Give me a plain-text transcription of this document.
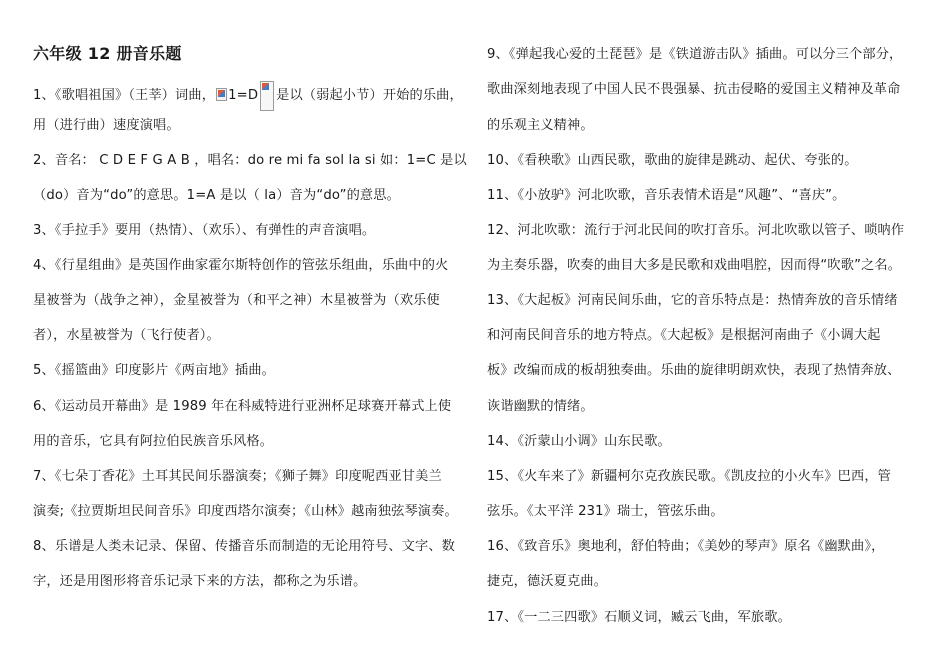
六年级 12 册音乐题
1、《歌唱祖国》（王莘）词曲， 1=D 是以（弱起小节）开始的乐曲，
用（进行曲）速度演唱。
2、音名： C D E F G A B ，唱名：do re mi fa sol la si 如：1=C 是以
（do）音为“do”的意思。1=A 是以（ la）音为“do”的意思。
3、《手拉手》要用（热情）、（欢乐）、有弹性的声音演唱。
4、《行星组曲》是英国作曲家霍尔斯特创作的管弦乐组曲，乐曲中的火
星被誉为（战争之神），金星被誉为（和平之神）木星被誉为（欢乐使
者），水星被誉为（飞行使者）。
5、《摇篮曲》印度影片《两亩地》插曲。
6、《运动员开幕曲》是 1989 年在科威特进行亚洲杯足球赛开幕式上使
用的音乐，它具有阿拉伯民族音乐风格。
7、《七朵丁香花》土耳其民间乐器演奏；《狮子舞》印度呢西亚甘美兰
演奏;《拉贾斯坦民间音乐》印度西塔尔演奏；《山林》越南独弦琴演奏。
8、乐谱是人类未记录、保留、传播音乐而制造的无论用符号、文字、数
字，还是用图形将音乐记录下来的方法，都称之为乐谱。
9、《弹起我心爱的土琵琶》是《铁道游击队》插曲。可以分三个部分，
歌曲深刻地表现了中国人民不畏强暴、抗击侵略的爱国主义精神及革命
的乐观主义精神。
10、《看秧歌》山西民歌，歌曲的旋律是跳动、起伏、夸张的。
11、《小放驴》河北吹歌，音乐表情术语是“风趣”、“喜庆”。
12、河北吹歌：流行于河北民间的吹打音乐。河北吹歌以管子、唢呐作
为主奏乐器，吹奏的曲目大多是民歌和戏曲唱腔，因而得“吹歌”之名。
13、《大起板》河南民间乐曲，它的音乐特点是：热情奔放的音乐情绪
和河南民间音乐的地方特点。《大起板》是根据河南曲子《小调大起
板》改编而成的板胡独奏曲。乐曲的旋律明朗欢快，表现了热情奔放、
诙谐幽默的情绪。
14、《沂蒙山小调》山东民歌。
15、《火车来了》新疆柯尔克孜族民歌。《凯皮拉的小火车》巴西，管
弦乐。《太平洋 231》瑞士，管弦乐曲。
16、《致音乐》奥地利，舒伯特曲；《美妙的琴声》原名《幽默曲》，
捷克，德沃夏克曲。
17、《一二三四歌》石顺义词，臧云飞曲，军旅歌。
